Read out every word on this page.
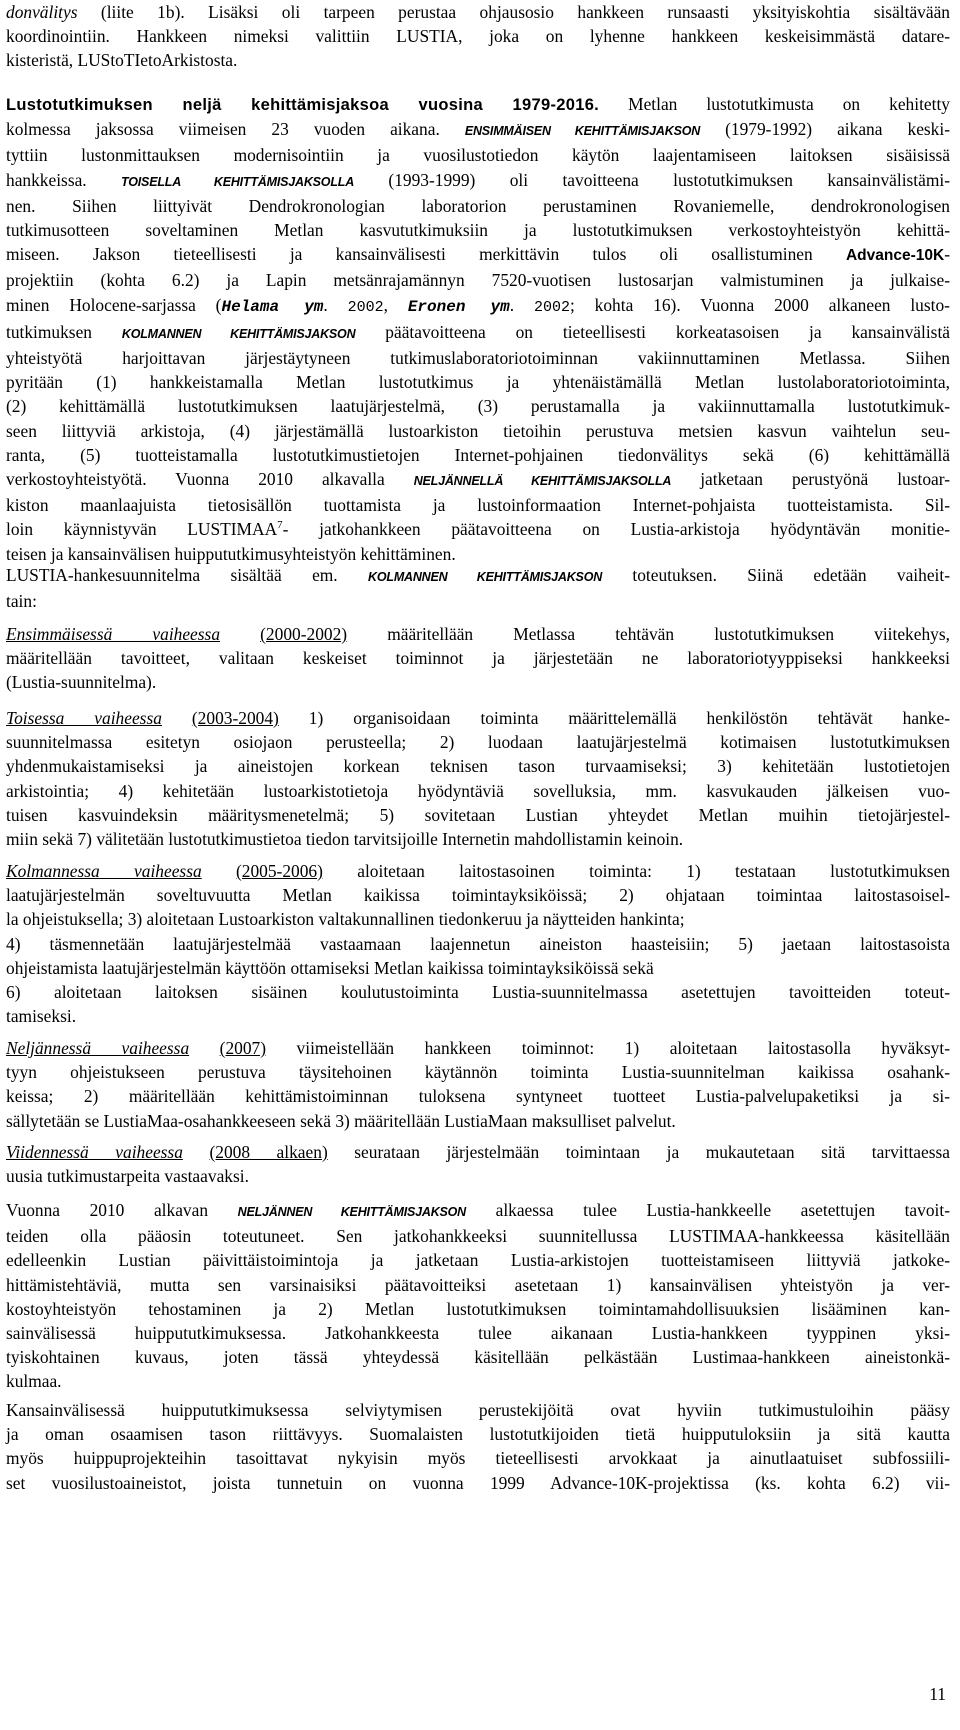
donvälitys (liite 1b). Lisäksi oli tarpeen perustaa ohjausosio hankkeen runsaasti yksityiskohtia sisältävään
koordinointiin. Hankkeen nimeksi valittiin LUSTIA, joka on lyhenne hankkeen keskeisimmästä datare-
kisteristä, LUStoTIetoArkistosta.
Lustotutkimuksen neljä kehittämisjaksoa vuosina 1979-2016. Metlan lustotutkimusta on kehitetty
kolmessa jaksossa viimeisen 23 vuoden aikana. ENSIMMÄISEN KEHITTÄMISJAKSON (1979-1992) aikana keski-
tyttiin lustonmittauksen modernisointiin ja vuosilustotiedon käytön laajentamiseen laitoksen sisäisissä
hankkeissa. TOISELLA KEHITTÄMISJAKSOLLA (1993-1999) oli tavoitteena lustotutkimuksen kansainvälistämi-
nen. Siihen liittyivät Dendrokronologian laboratorion perustaminen Rovaniemelle, dendrokronologisen
tutkimusotteen soveltaminen Metlan kasvututkimuksiin ja lustotutkimuksen verkostoyhteistyön kehittä-
miseen. Jakson tieteellisesti ja kansainvälisesti merkittävin tulos oli osallistuminen Advance-10K-
projektiin (kohta 6.2) ja Lapin metsänrajamännyn 7520-vuotisen lustosarjan valmistuminen ja julkaise-
minen Holocene-sarjassa (Helama ym. 2002, Eronen ym. 2002; kohta 16). Vuonna 2000 alkaneen lusto-
tutkimuksen KOLMANNEN KEHITTÄMISJAKSON päätavoitteena on tieteellisesti korkeatasoisen ja kansainvälistä
yhteistyötä harjoittavan järjestäytyneen tutkimuslaboratoriotoiminnan vakiinnuttaminen Metlassa. Siihen
pyritään (1) hankkeistamalla Metlan lustotutkimus ja yhtenäistämällä Metlan lustolaboratoriotoiminta,
(2) kehittämällä lustotutkimuksen laatujärjestelmä, (3) perustamalla ja vakiinnuttamalla lustotutkimuk-
seen liittyviä arkistoja, (4) järjestämällä lustoarkiston tietoihin perustuva metsien kasvun vaihtelun seu-
ranta, (5) tuotteistamalla lustotutkimustietojen Internet-pohjainen tiedonvälitys sekä (6) kehittämällä
verkostoyhteistyötä. Vuonna 2010 alkavalla NELJÄNNELLÄ KEHITTÄMISJAKSOLLA jatketaan perustyönä lustoar-
kiston maanlaajuista tietosisällön tuottamista ja lustoinformaation Internet-pohjaista tuotteistamista. Sil-
loin käynnistyvän LUSTIMAA$^7$- jatkohankkeen päätavoitteena on Lustia-arkistoja hyödyntävän monitie-
teisen ja kansainvälisen huippututkimusyhteistyön kehittäminen.
LUSTIA-hankesuunnitelma sisältää em. KOLMANNEN KEHITTÄMISJAKSON toteutuksen. Siinä edetään vaiheit-
tain:
Ensimmäisessä vaiheessa (2000-2002) määritellään Metlassa tehtävän lustotutkimuksen viitekehys,
määritellään tavoitteet, valitaan keskeiset toiminnot ja järjestetään ne laboratoriotyyppiseksi hankkeeksi
(Lustia-suunnitelma).
Toisessa vaiheessa (2003-2004) 1) organisoidaan toiminta määrittelemällä henkilöstön tehtävät hanke-
suunnitelmassa esitetyn osiojaon perusteella; 2) luodaan laatujärjestelmä kotimaisen lustotutkimuksen
yhdenmukaistamiseksi ja aineistojen korkean teknisen tason turvaamiseksi; 3) kehitetään lustotietojen
arkistointia; 4) kehitetään lustoarkistotietoja hyödyntäviä sovelluksia, mm. kasvukauden jälkeisen vuo-
tuisen kasvuindeksin määritysmenetelmä; 5) sovitetaan Lustian yhteydet Metlan muihin tietojärjestel-
miin sekä 7) välitetään lustotutkimustietoa tiedon tarvitsijoille Internetin mahdollistamin keinoin.
Kolmannessa vaiheessa (2005-2006) aloitetaan laitostasoinen toiminta: 1) testataan lustotutkimuksen
laatujärjestelmän soveltuvuutta Metlan kaikissa toimintayksiköissä; 2) ohjataan toimintaa laitostasoisel-
la ohjeistuksella; 3) aloitetaan Lustoarkiston valtakunnallinen tiedonkeruu ja näytteiden hankinta;
4) täsmennetään laatujärjestelmää vastaamaan laajennetun aineiston haasteisiin; 5) jaetaan laitostasoista
ohjeistamista laatujärjestelmän käyttöön ottamiseksi Metlan kaikissa toimintayksiköissä sekä
6) aloitetaan laitoksen sisäinen koulutustoiminta Lustia-suunnitelmassa asetettujen tavoitteiden toteut-
tamiseksi.
Neljännessä vaiheessa (2007) viimeistellään hankkeen toiminnot: 1) aloitetaan laitostasolla hyväksyt-
tyyn ohjeistukseen perustuva täysitehoinen käytännön toiminta Lustia-suunnitelman kaikissa osahank-
keissa; 2) määritellään kehittämistoiminnan tuloksena syntyneet tuotteet Lustia-palvelupaketiksi ja si-
sällytetään se LustiaMaa-osahankkeeseen sekä 3) määritellään LustiaMaan maksulliset palvelut.
Viidennessä vaiheessa (2008 alkaen) seurataan järjestelmään toimintaan ja mukautetaan sitä tarvittaessa
uusia tutkimustarpeita vastaavaksi.
Vuonna 2010 alkavan NELJÄNNEN KEHITTÄMISJAKSON alkaessa tulee Lustia-hankkeelle asetettujen tavoit-
teiden olla pääosin toteutuneet. Sen jatkohankkeeksi suunnitellussa LUSTIMAA-hankkeessa käsitellään
edelleenkin Lustian päivittäistoimintoja ja jatketaan Lustia-arkistojen tuotteistamiseen liittyviä jatkoke-
hittämistehtäviä, mutta sen varsinaisiksi päätavoitteiksi asetetaan 1) kansainvälisen yhteistyön ja ver-
kostoyhteistyön tehostaminen ja 2) Metlan lustotutkimuksen toimintamahdollisuuksien lisääminen kan-
sainvälisessä huippututkimuksessa. Jatkohankkeesta tulee aikanaan Lustia-hankkeen tyyppinen yksi-
tyiskohtainen kuvaus, joten tässä yhteydessä käsitellään pelkästään Lustimaa-hankkeen aineistonkä-
kulmaa.
Kansainvälisessä huippututkimuksessa selviytymisen perustekijöitä ovat hyviin tutkimustuloihin pääsy
ja oman osaamisen tason riittävyys. Suomalaisten lustotutkijoiden tietä huipputuloksiin ja sitä kautta
myös huippuprojekteihin tasoittavat nykyisin myös tieteellisesti arvokkaat ja ainutlaatuiset subfossiili-
set vuosilustoaineistot, joista tunnetuin on vuonna 1999 Advance-10K-projektissa (ks. kohta 6.2) vii-
11
